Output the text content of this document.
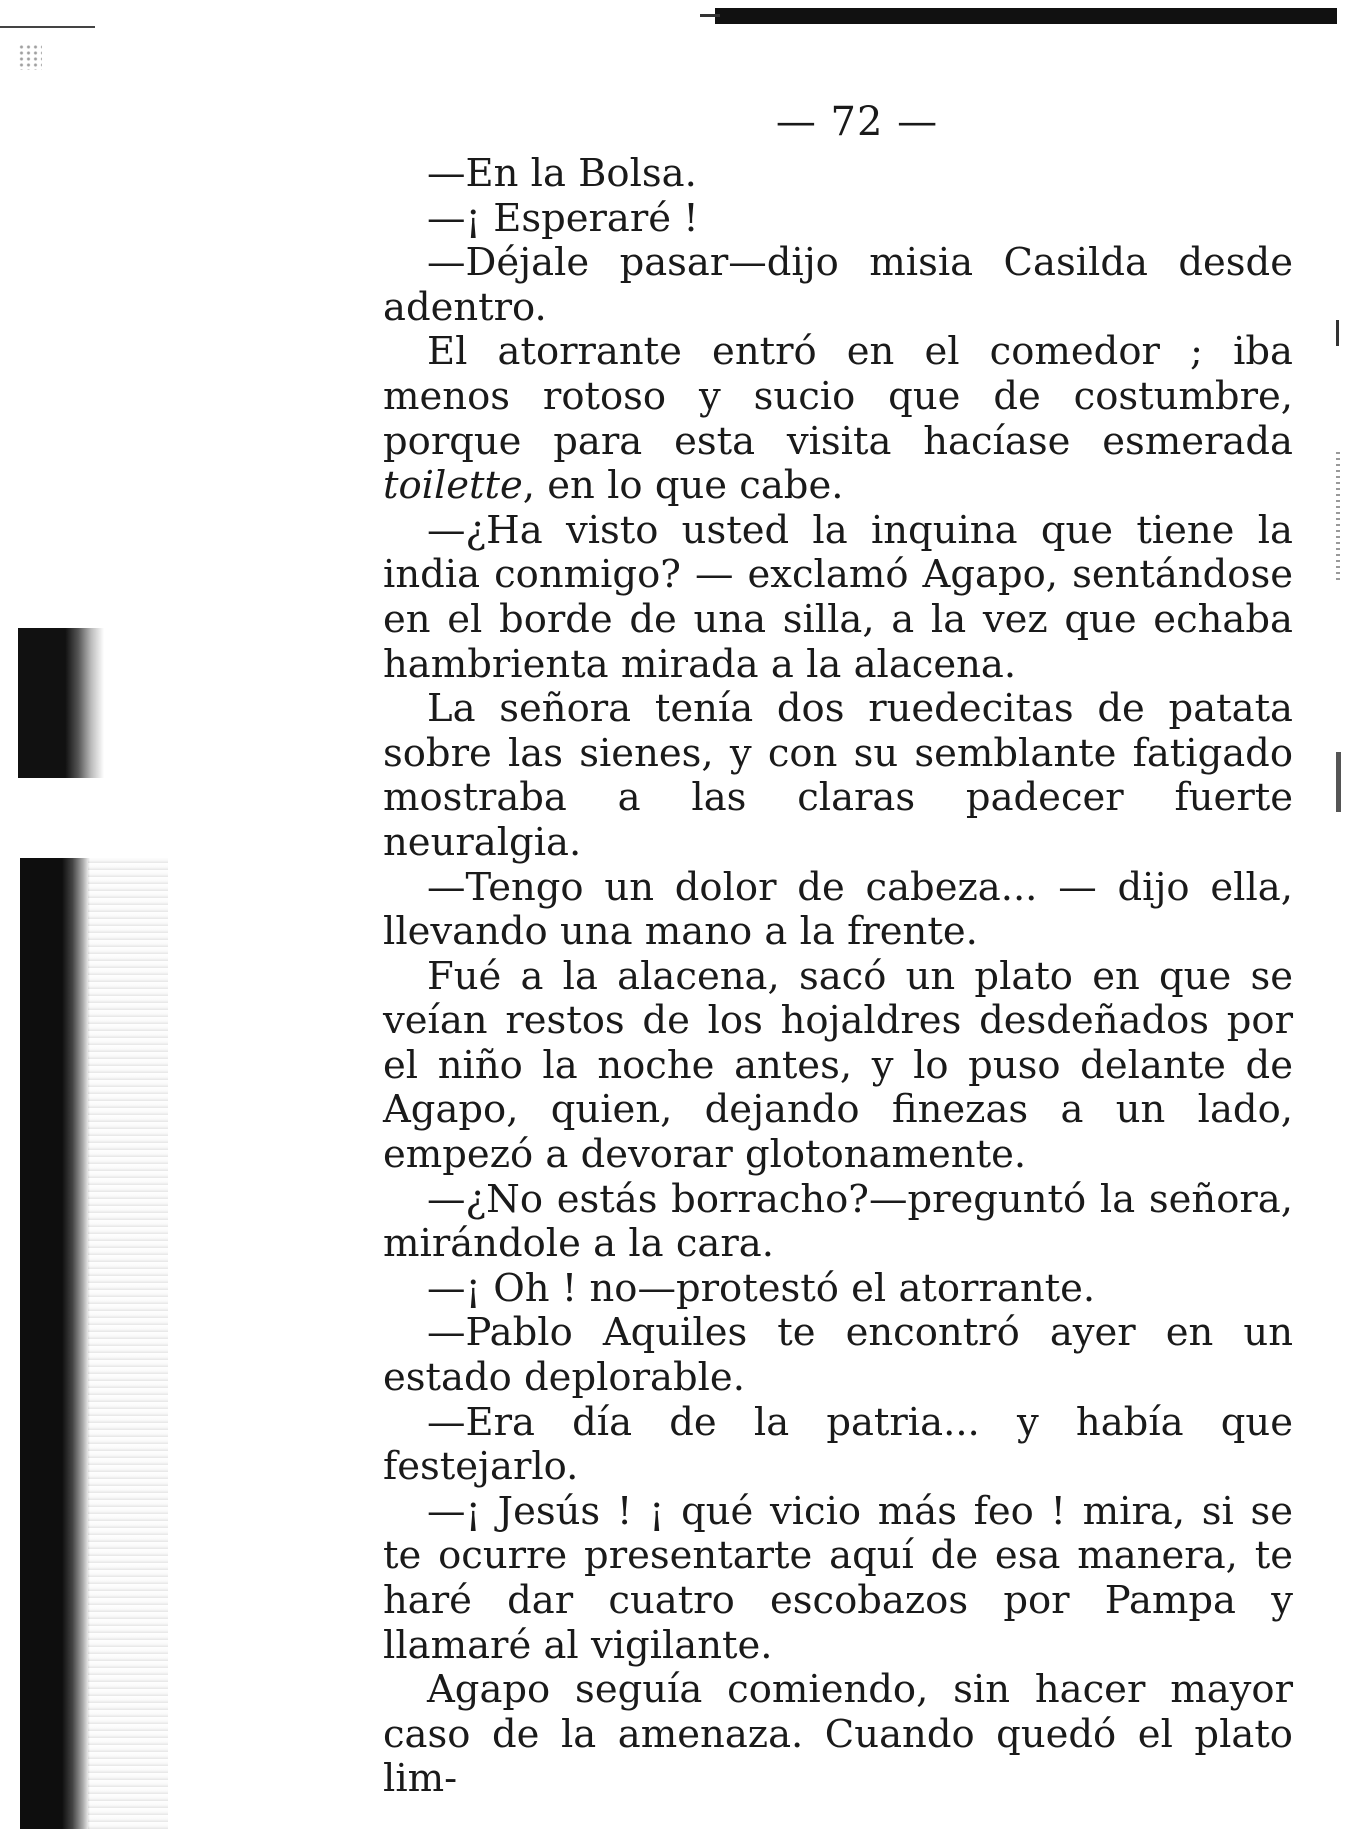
— 72 —

—En la Bolsa.

—¡ Esperaré !

—Déjale pasar—dijo misia Casilda desde adentro.

El atorrante entró en el comedor ; iba menos rotoso y sucio que de costumbre, porque para esta visita hacíase esmerada toilette, en lo que cabe.

—¿Ha visto usted la inquina que tiene la india conmigo? — exclamó Agapo, sentándose en el borde de una silla, a la vez que echaba hambrienta mirada a la alacena.

La señora tenía dos ruedecitas de patata sobre las sienes, y con su semblante fatigado mostraba a las claras padecer fuerte neuralgia.

—Tengo un dolor de cabeza... — dijo ella, llevando una mano a la frente.

Fué a la alacena, sacó un plato en que se veían restos de los hojaldres desdeñados por el niño la noche antes, y lo puso delante de Agapo, quien, dejando finezas a un lado, empezó a devorar glotonamente.

—¿No estás borracho?—preguntó la señora, mirándole a la cara.

—¡ Oh ! no—protestó el atorrante.

—Pablo Aquiles te encontró ayer en un estado deplorable.

—Era día de la patria... y había que festejarlo.

—¡ Jesús ! ¡ qué vicio más feo ! mira, si se te ocurre presentarte aquí de esa manera, te haré dar cuatro escobazos por Pampa y llamaré al vigilante.

Agapo seguía comiendo, sin hacer mayor caso de la amenaza. Cuando quedó el plato lim-
